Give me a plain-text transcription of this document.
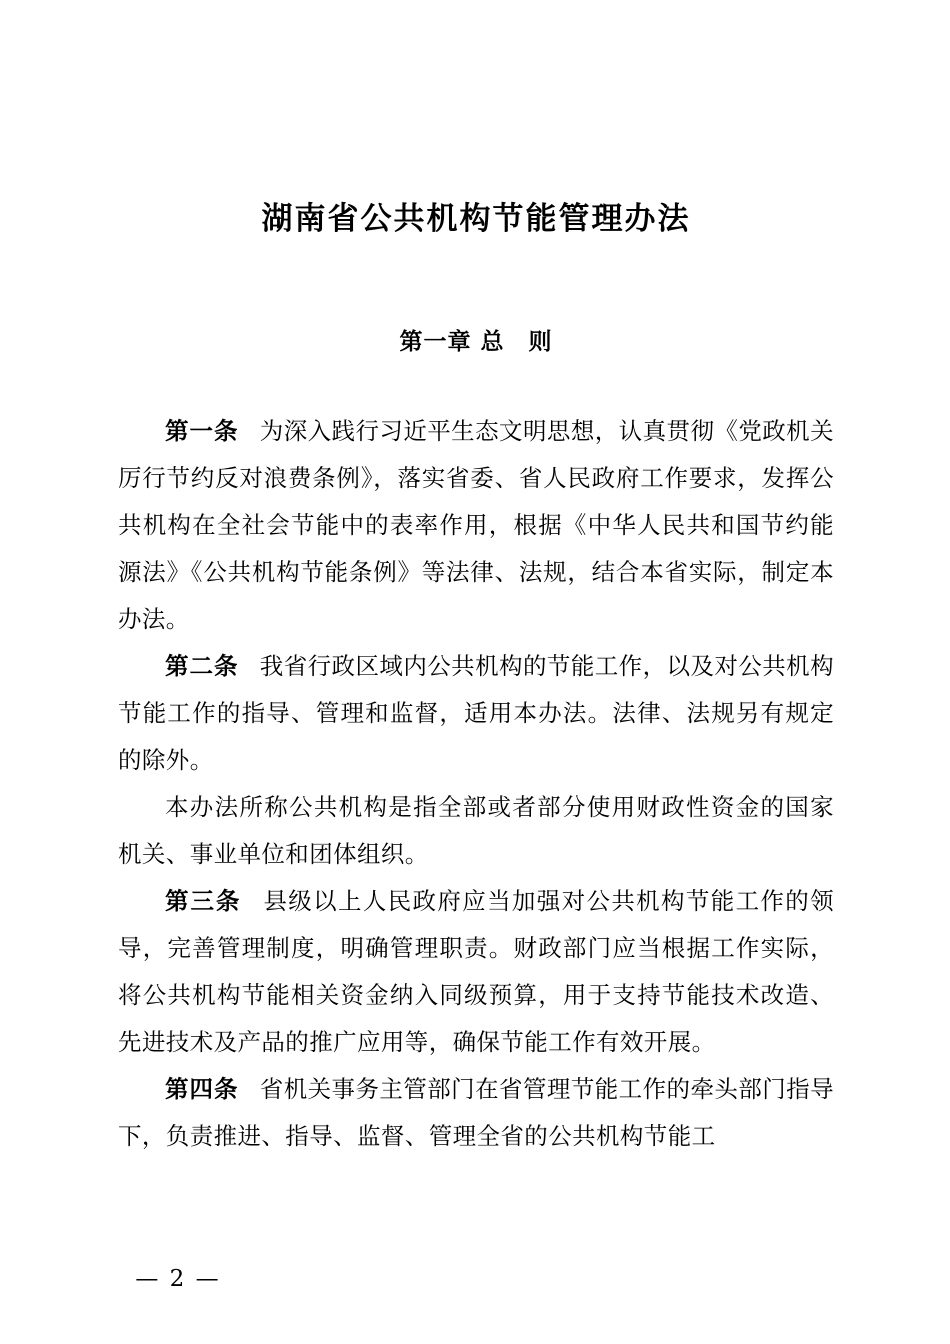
湖南省公共机构节能管理办法
第一章 总　则

第一条 为深入践行习近平生态文明思想，认真贯彻《党政机关厉行节约反对浪费条例》，落实省委、省人民政府工作要求，发挥公共机构在全社会节能中的表率作用，根据《中华人民共和国节约能源法》《公共机构节能条例》等法律、法规，结合本省实际，制定本办法。

第二条 我省行政区域内公共机构的节能工作，以及对公共机构节能工作的指导、管理和监督，适用本办法。法律、法规另有规定的除外。

本办法所称公共机构是指全部或者部分使用财政性资金的国家机关、事业单位和团体组织。

第三条 县级以上人民政府应当加强对公共机构节能工作的领导，完善管理制度，明确管理职责。财政部门应当根据工作实际，将公共机构节能相关资金纳入同级预算，用于支持节能技术改造、先进技术及产品的推广应用等，确保节能工作有效开展。

第四条 省机关事务主管部门在省管理节能工作的牵头部门指导下，负责推进、指导、监督、管理全省的公共机构节能工

— 2 —
